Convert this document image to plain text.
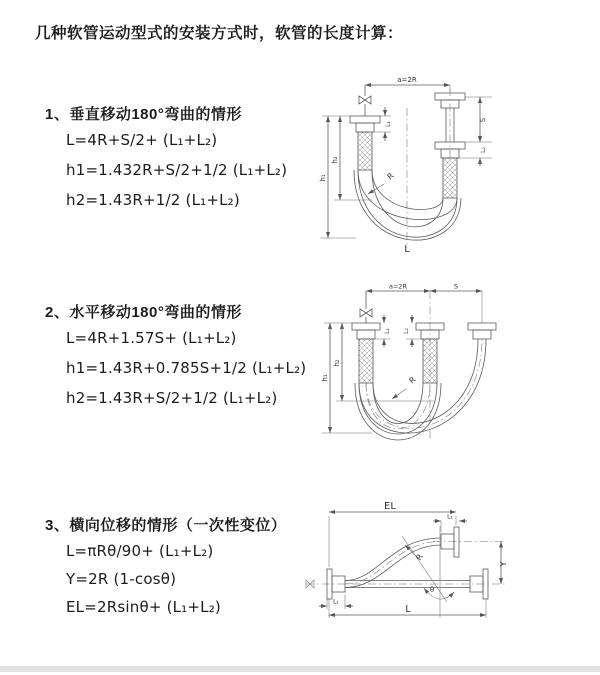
几种软管运动型式的安装方式时，软管的长度计算：
1、垂直移动180°弯曲的情形
L=4R+S/2+ (L₁+L₂)
h1=1.432R+S/2+1/2 (L₁+L₂)
h2=1.43R+1/2 (L₁+L₂)
2、水平移动180°弯曲的情形
L=4R+1.57S+ (L₁+L₂)
h1=1.43R+0.785S+1/2 (L₁+L₂)
h2=1.43R+S/2+1/2 (L₁+L₂)
3、横向位移的情形（一次性变位）
L=πRθ/90+ (L₁+L₂)
Y=2R (1-cosθ)
EL=2Rsinθ+ (L₁+L₂)
a=2R
R
L
h₁
h₂
L₁
S
L₂
a=2R	S
h₁
h₂
L₁ L₂
R
EL
L₁
Y
R
θ
L
L₁
